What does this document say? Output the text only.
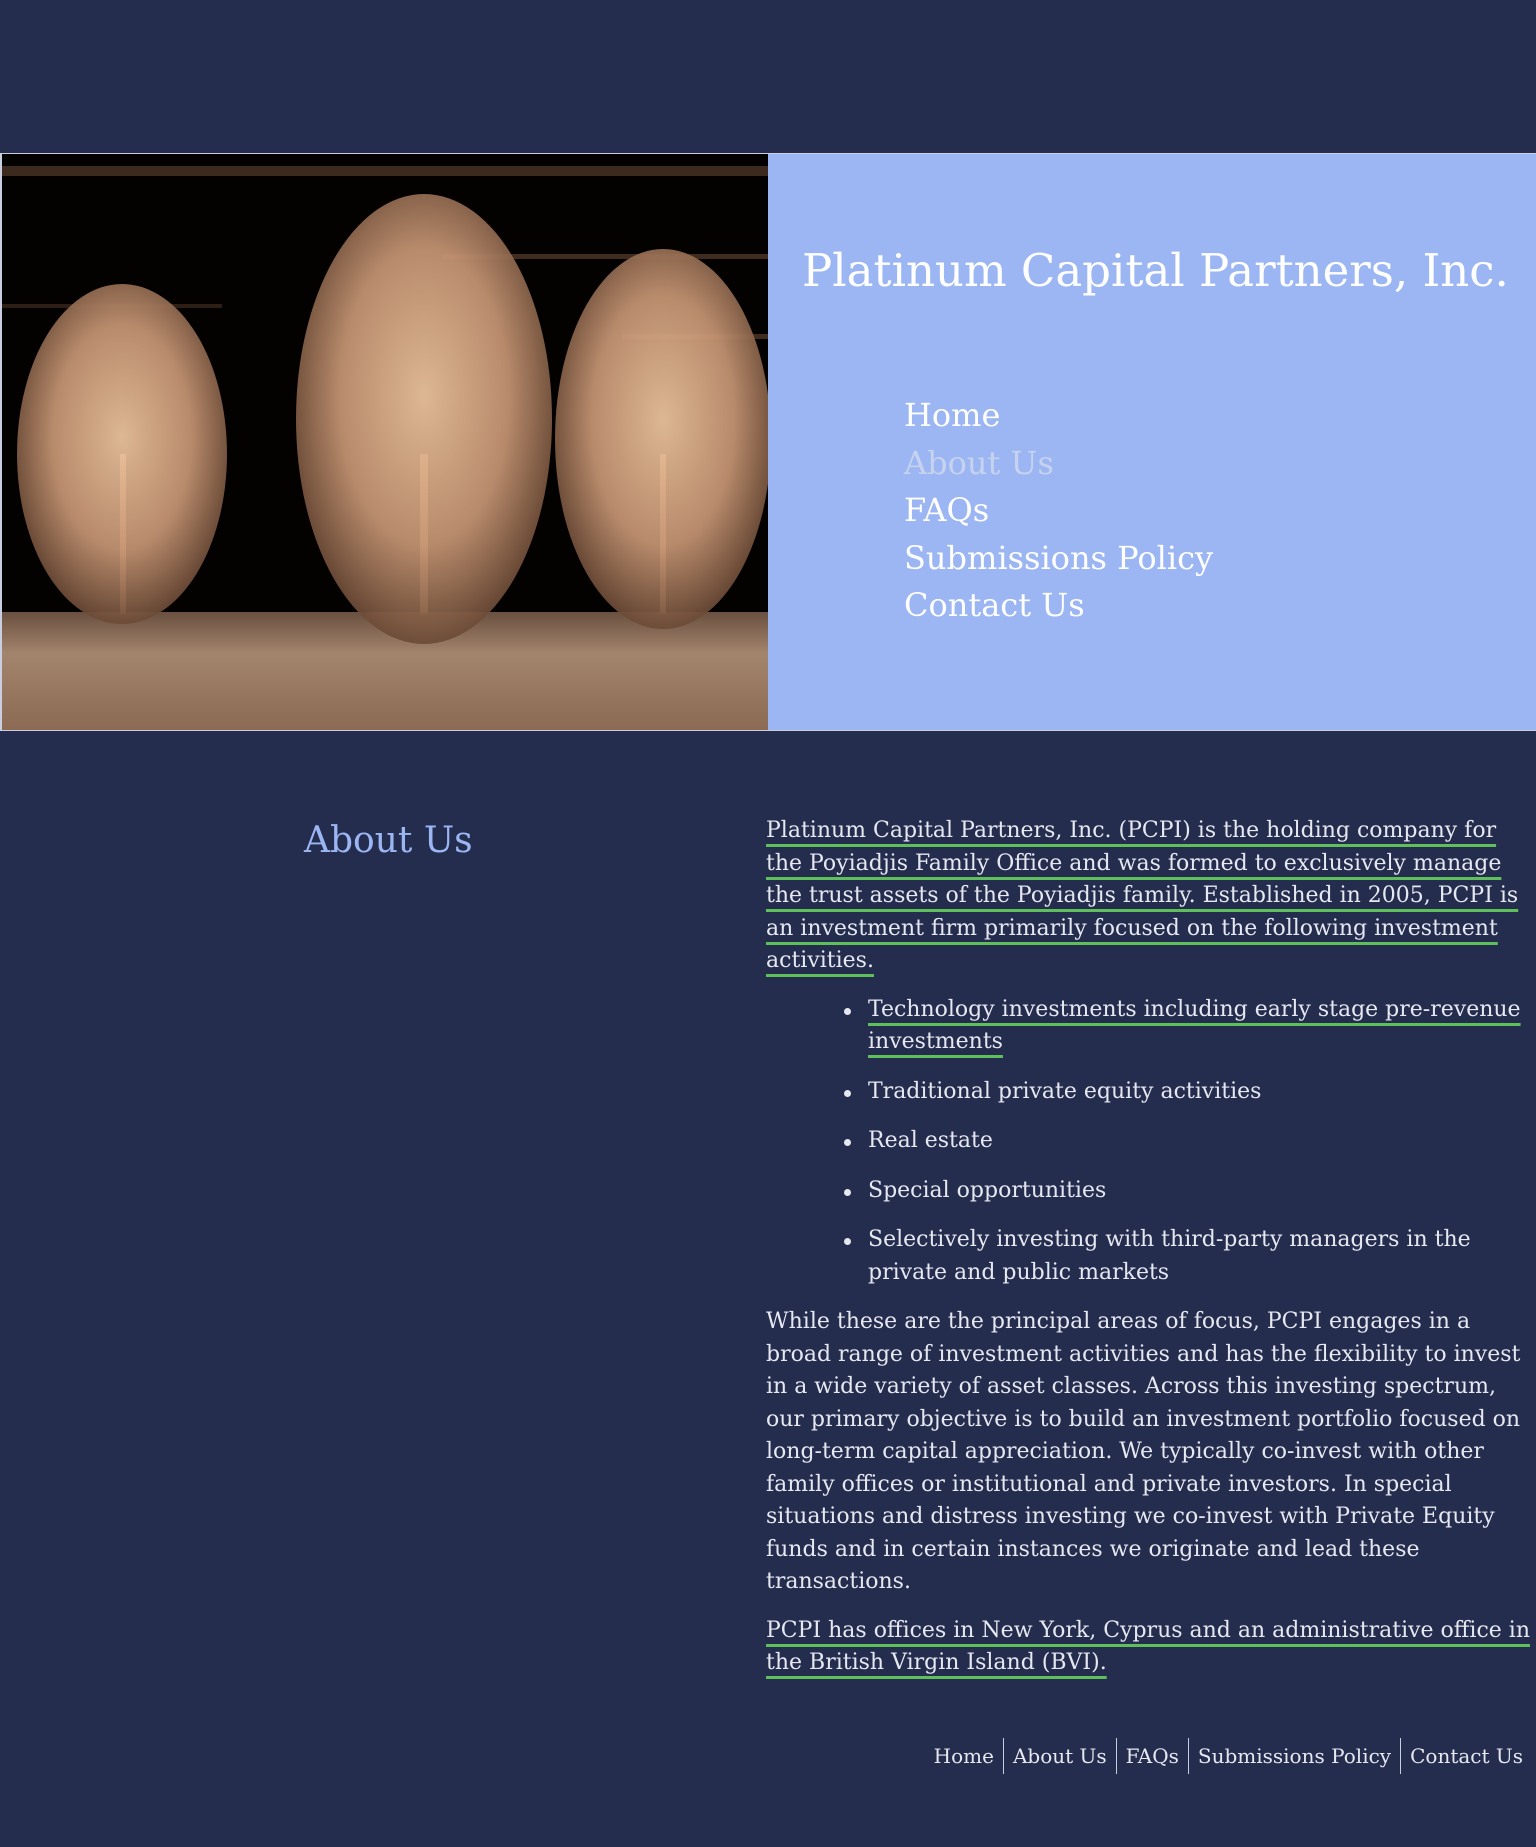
Platinum Capital Partners, Inc.
Home
About Us
FAQs
Submissions Policy
Contact Us
About Us	Platinum Capital Partners, Inc. (PCPI) is the holding company for the Poyiadjis Family Office and was formed to exclusively manage the trust assets of the Poyiadjis family. Established in 2005, PCPI is an investment firm primarily focused on the following investment activities.

Technology investments including early stage pre-revenue investments
Traditional private equity activities
Real estate
Special opportunities
Selectively investing with third-party managers in the private and public markets

While these are the principal areas of focus, PCPI engages in a broad range of investment activities and has the flexibility to invest in a wide variety of asset classes. Across this investing spectrum, our primary objective is to build an investment portfolio focused on long-term capital appreciation. We typically co-invest with other family offices or institutional and private investors. In special situations and distress investing we co-invest with Private Equity funds and in certain instances we originate and lead these transactions.

PCPI has offices in New York, Cyprus and an administrative office in the British Virgin Island (BVI).

Home About Us FAQs Submissions Policy Contact Us
